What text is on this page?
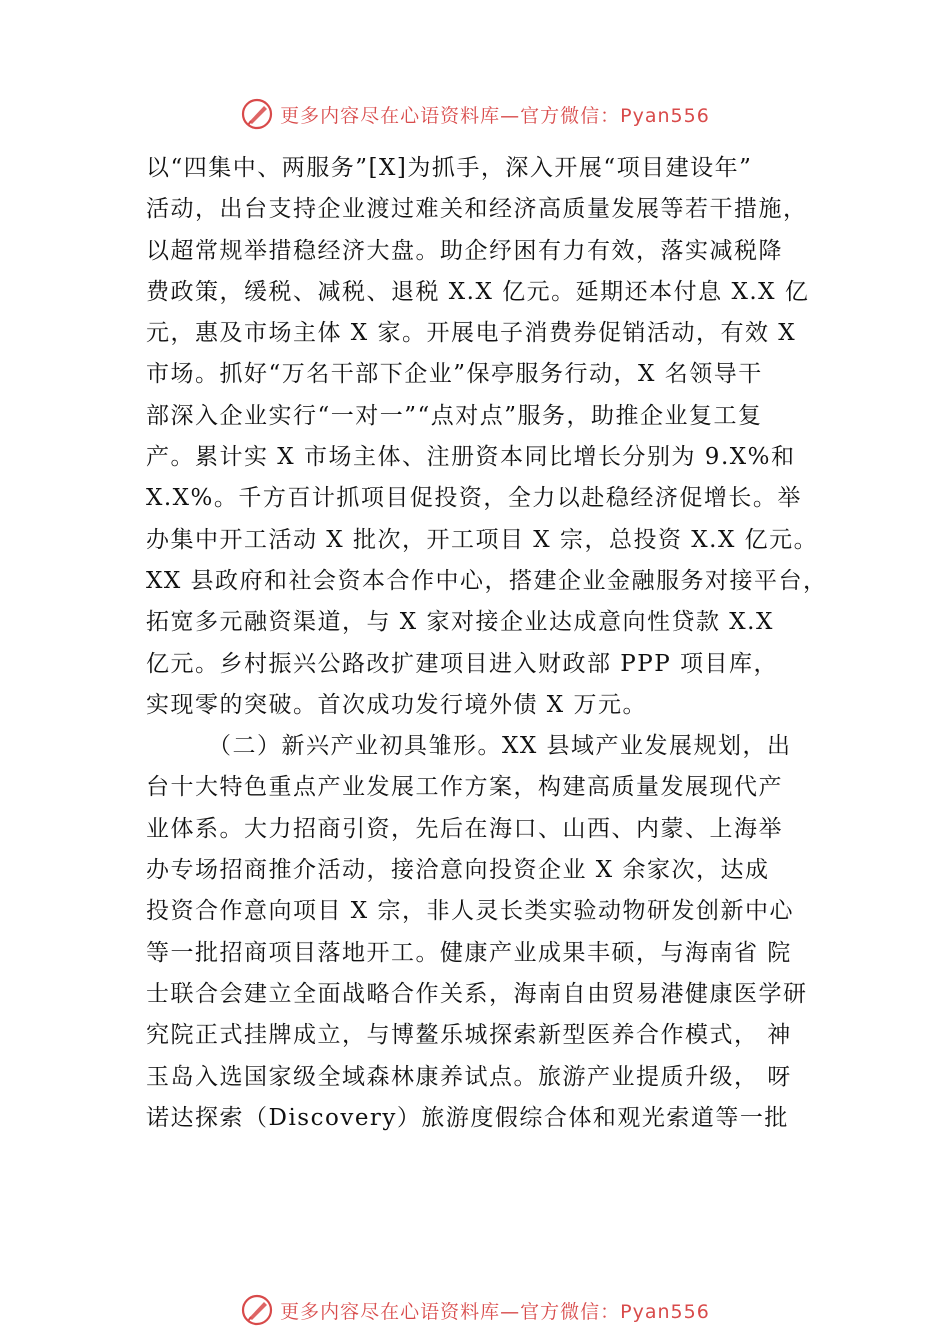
更多内容尽在心语资料库—官方微信：Pyan556
以“四集中、两服务”[X]为抓手，深入开展“项目建设年”
活动，出台支持企业渡过难关和经济高质量发展等若干措施，
以超常规举措稳经济大盘。助企纾困有力有效，落实减税降
费政策，缓税、减税、退税 X.X 亿元。延期还本付息 X.X 亿
元，惠及市场主体 X 家。开展电子消费券促销活动，有效 X
市场。抓好“万名干部下企业”保亭服务行动，X 名领导干
部深入企业实行“一对一”“点对点”服务，助推企业复工复
产。累计实 X 市场主体、注册资本同比增长分别为 9.X%和
X.X%。千方百计抓项目促投资，全力以赴稳经济促增长。举
办集中开工活动 X 批次，开工项目 X 宗，总投资 X.X 亿元。
XX 县政府和社会资本合作中心，搭建企业金融服务对接平台，
拓宽多元融资渠道，与 X 家对接企业达成意向性贷款 X.X
亿元。乡村振兴公路改扩建项目进入财政部 PPP 项目库，
实现零的突破。首次成功发行境外债 X 万元。
（二）新兴产业初具雏形。XX 县域产业发展规划，出
台十大特色重点产业发展工作方案，构建高质量发展现代产
业体系。大力招商引资，先后在海口、山西、内蒙、上海举
办专场招商推介活动，接洽意向投资企业 X 余家次，达成
投资合作意向项目 X 宗，非人灵长类实验动物研发创新中心
等一批招商项目落地开工。健康产业成果丰硕，与海南省 院
士联合会建立全面战略合作关系，海南自由贸易港健康医学研
究院正式挂牌成立，与博鳌乐城探索新型医养合作模式， 神
玉岛入选国家级全域森林康养试点。旅游产业提质升级， 呀
诺达探索（Discovery）旅游度假综合体和观光索道等一批
更多内容尽在心语资料库—官方微信：Pyan556
